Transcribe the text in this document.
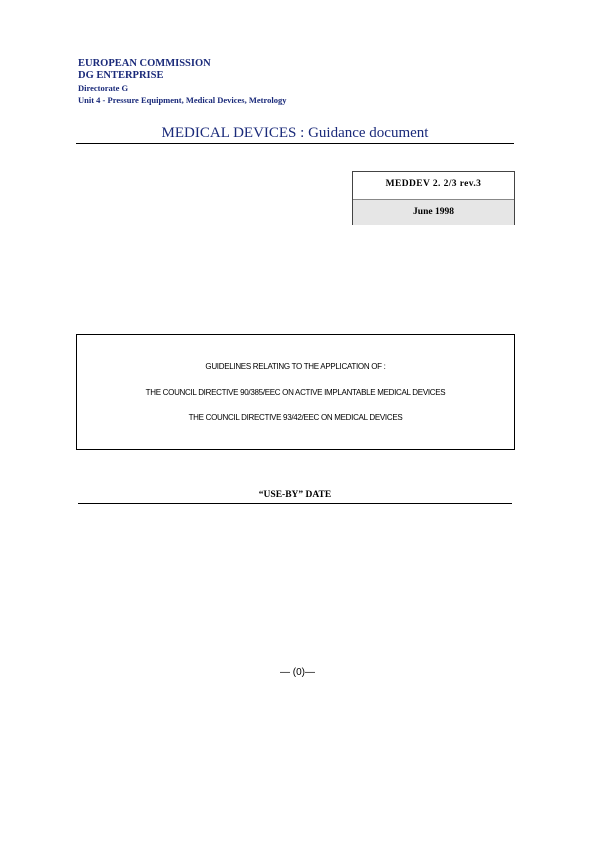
EUROPEAN COMMISSION
DG ENTERPRISE
Directorate G
Unit 4 - Pressure Equipment, Medical Devices, Metrology
MEDICAL DEVICES : Guidance document
MEDDEV 2. 2/3 rev.3
June 1998
GUIDELINES RELATING TO THE APPLICATION OF :
THE COUNCIL DIRECTIVE 90/385/EEC ON ACTIVE IMPLANTABLE MEDICAL DEVICES
THE COUNCIL DIRECTIVE 93/42/EEC ON MEDICAL DEVICES
“USE-BY” DATE
— (0)—
